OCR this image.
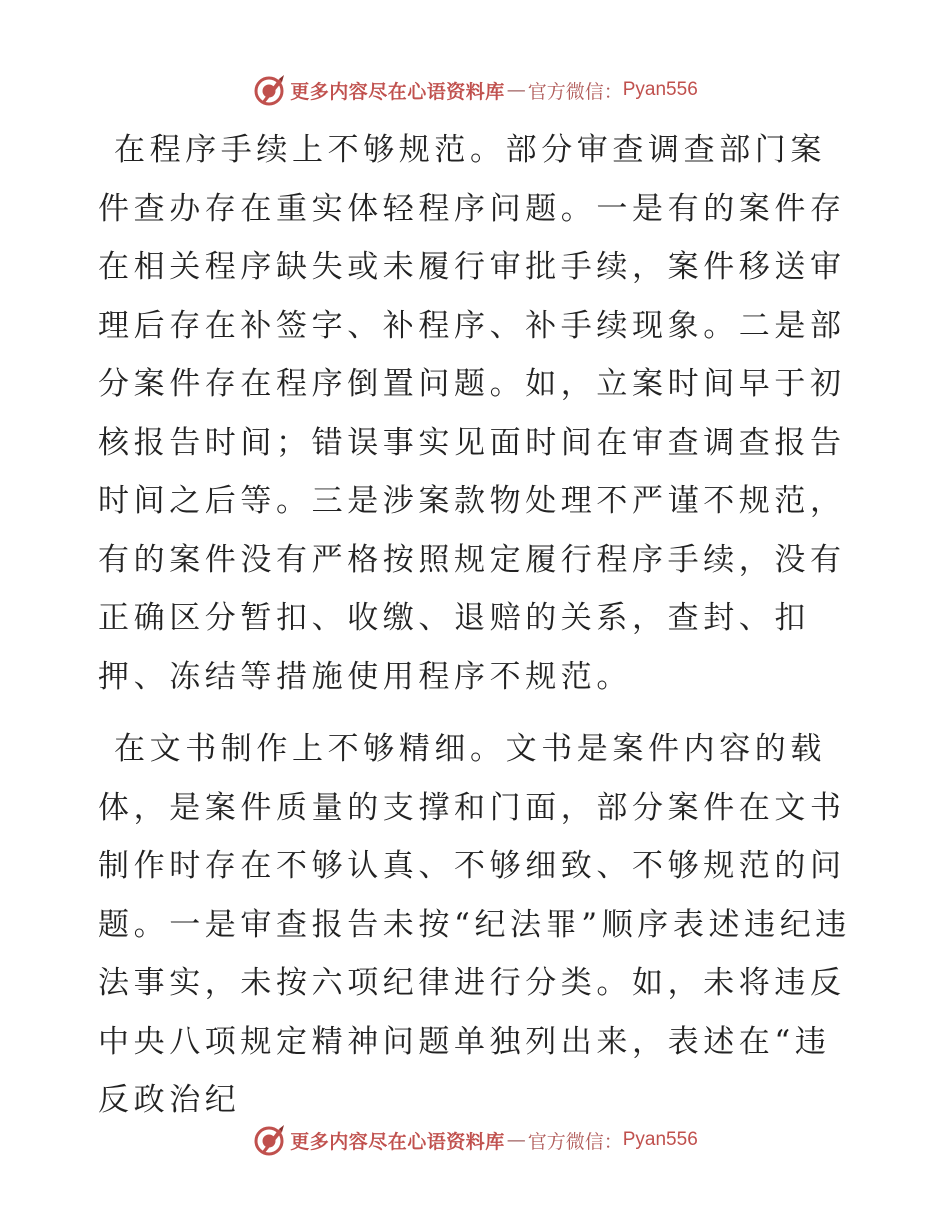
更多内容尽在心语资料库 — 官方微信： Pyan556

在程序手续上不够规范。部分审查调查部门案件查办存在重实体轻程序问题。一是有的案件存在相关程序缺失或未履行审批手续，案件移送审理后存在补签字、补程序、补手续现象。二是部分案件存在程序倒置问题。如，立案时间早于初核报告时间；错误事实见面时间在审查调查报告时间之后等。三是涉案款物处理不严谨不规范，有的案件没有严格按照规定履行程序手续，没有正确区分暂扣、收缴、退赔的关系，查封、扣押、冻结等措施使用程序不规范。

在文书制作上不够精细。文书是案件内容的载体，是案件质量的支撑和门面，部分案件在文书制作时存在不够认真、不够细致、不够规范的问题。一是审查报告未按“纪法罪”顺序表述违纪违法事实，未按六项纪律进行分类。如，未将违反中央八项规定精神问题单独列出来，表述在“违反政治纪

更多内容尽在心语资料库 — 官方微信： Pyan556
